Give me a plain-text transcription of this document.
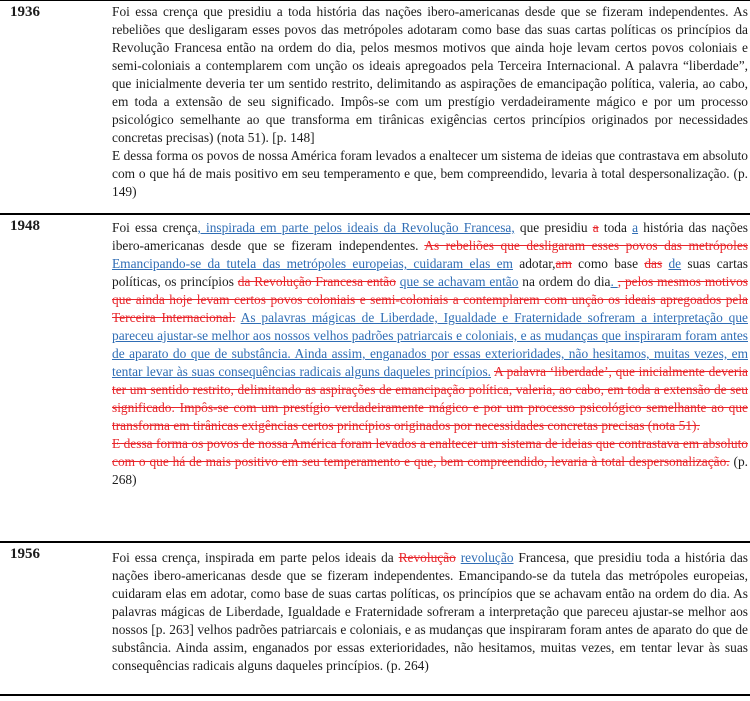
1936	Foi essa crença que presidiu a toda história das nações ibero-americanas desde que se fizeram independentes. As rebeliões que desligaram esses povos das metrópoles adotaram como base das suas cartas políticas os princípios da Revolução Francesa então na ordem do dia, pelos mesmos motivos que ainda hoje levam certos povos coloniais e semi-coloniais a contemplarem com unção os ideais apregoados pela Terceira Internacional. A palavra “liberdade”, que inicialmente deveria ter um sentido restrito, delimitando as aspirações de emancipação política, valeria, ao cabo, em toda a extensão de seu significado. Impôs-se com um prestígio verdadeiramente mágico e por um processo psicológico semelhante ao que transforma em tirânicas exigências certos princípios originados por necessidades concretas precisas) (nota 51). [p. 148]

E dessa forma os povos de nossa América foram levados a enaltecer um sistema de ideias que contrastava em absoluto com o que há de mais positivo em seu temperamento e que, bem compreendido, levaria à total despersonalização. (p. 149)

1948	Foi essa crença, inspirada em parte pelos ideais da Revolução Francesa, que presidiu a toda a história das nações ibero-americanas desde que se fizeram independentes. As rebeliões que desligaram esses povos das metrópoles Emancipando-se da tutela das metrópoles europeias, cuidaram elas em adotar,am como base das de suas cartas políticas, os princípios da Revolução Francesa então que se achavam então na ordem do dia. , pelos mesmos motivos que ainda hoje levam certos povos coloniais e semi-coloniais a contemplarem com unção os ideais apregoados pela Terceira Internacional. As palavras mágicas de Liberdade, Igualdade e Fraternidade sofreram a interpretação que pareceu ajustar-se melhor aos nossos velhos padrões patriarcais e coloniais, e as mudanças que inspiraram foram antes de aparato do que de substância. Ainda assim, enganados por essas exterioridades, não hesitamos, muitas vezes, em tentar levar às suas consequências radicais alguns daqueles princípios. A palavra ‘liberdade’, que inicialmente deveria ter um sentido restrito, delimitando as aspirações de emancipação política, valeria, ao cabo, em toda a extensão de seu significado. Impôs-se com um prestígio verdadeiramente mágico e por um processo psicológico semelhante ao que transforma em tirânicas exigências certos princípios originados por necessidades concretas precisas (nota 51).
E dessa forma os povos de nossa América foram levados a enaltecer um sistema de ideias que contrastava em absoluto com o que há de mais positivo em seu temperamento e que, bem compreendido, levaria à total despersonalização. (p. 268)
1956	Foi essa crença, inspirada em parte pelos ideais da Revolução revolução Francesa, que presidiu toda a história das nações ibero-americanas desde que se fizeram independentes. Emancipando-se da tutela das metrópoles europeias, cuidaram elas em adotar, como base de suas cartas políticas, os princípios que se achavam então na ordem do dia. As palavras mágicas de Liberdade, Igualdade e Fraternidade sofreram a interpretação que pareceu ajustar-se melhor aos nossos [p. 263] velhos padrões patriarcais e coloniais, e as mudanças que inspiraram foram antes de aparato do que de substância. Ainda assim, enganados por essas exterioridades, não hesitamos, muitas vezes, em tentar levar às suas consequências radicais alguns daqueles princípios. (p. 264)
